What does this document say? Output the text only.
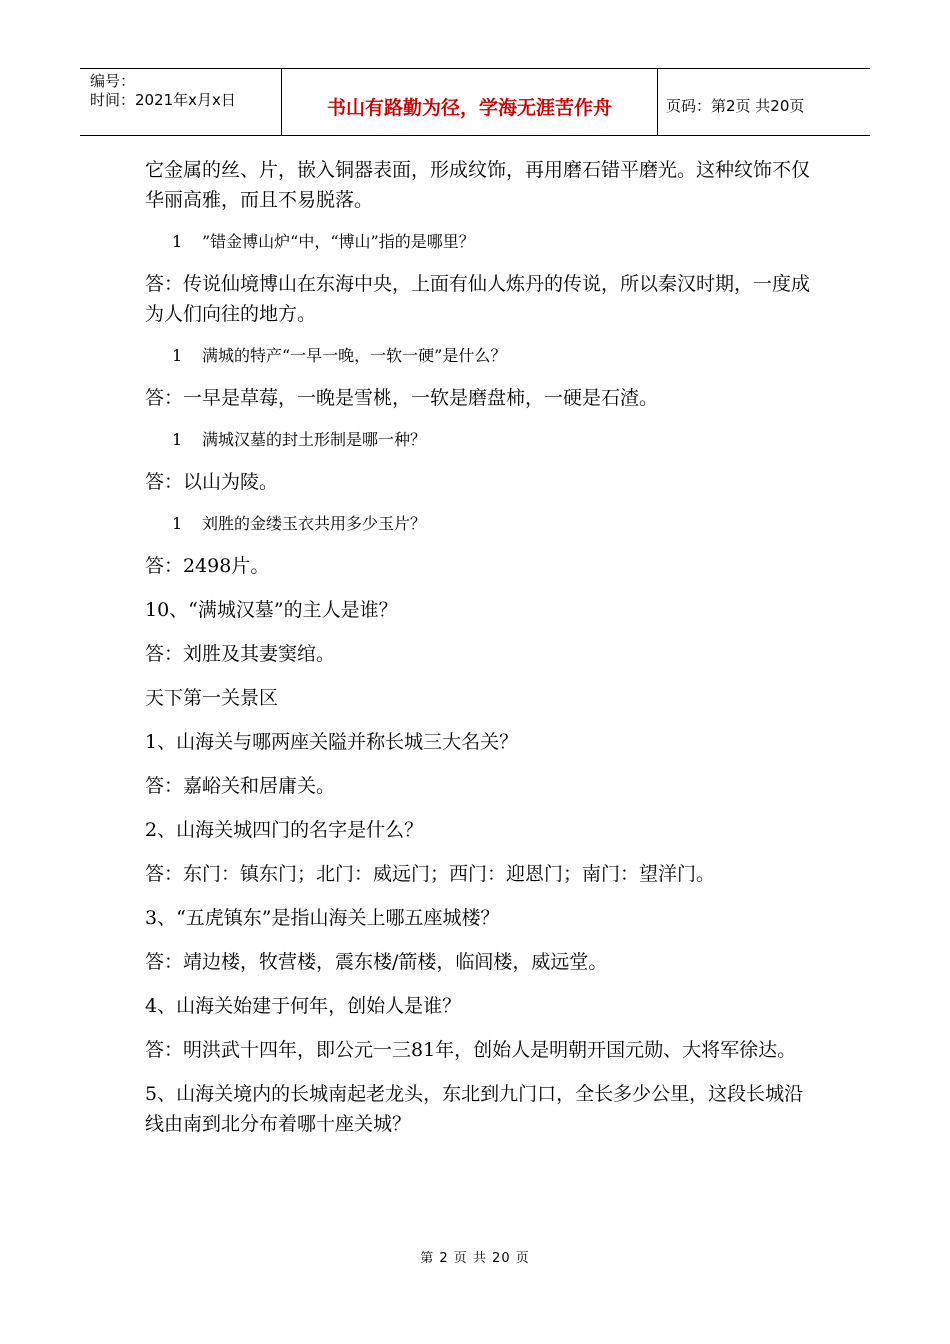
编号：
时间：2021年x月x日	书山有路勤为径，学海无涯苦作舟	页码：第2页 共20页

它金属的丝、片，嵌入铜器表面，形成纹饰，再用磨石错平磨光。这种纹饰不仅华丽高雅，而且不易脱落。

1 ”错金博山炉“中，“博山”指的是哪里？

答：传说仙境博山在东海中央，上面有仙人炼丹的传说，所以秦汉时期，一度成为人们向往的地方。

1 满城的特产“一早一晚，一软一硬”是什么？

答：一早是草莓，一晚是雪桃，一软是磨盘柿，一硬是石渣。

1 满城汉墓的封土形制是哪一种？

答：以山为陵。

1 刘胜的金缕玉衣共用多少玉片？

答：2498片。

10、“满城汉墓”的主人是谁？

答：刘胜及其妻窦绾。

天下第一关景区

1、山海关与哪两座关隘并称长城三大名关？

答：嘉峪关和居庸关。

2、山海关城四门的名字是什么？

答：东门：镇东门；北门：威远门；西门：迎恩门；南门：望洋门。

3、“五虎镇东”是指山海关上哪五座城楼？

答：靖边楼，牧营楼，震东楼/箭楼，临闾楼，威远堂。

4、山海关始建于何年，创始人是谁？

答：明洪武十四年，即公元一三81年，创始人是明朝开国元勋、大将军徐达。

5、山海关境内的长城南起老龙头，东北到九门口，全长多少公里，这段长城沿线由南到北分布着哪十座关城？

第 2 页 共 20 页
